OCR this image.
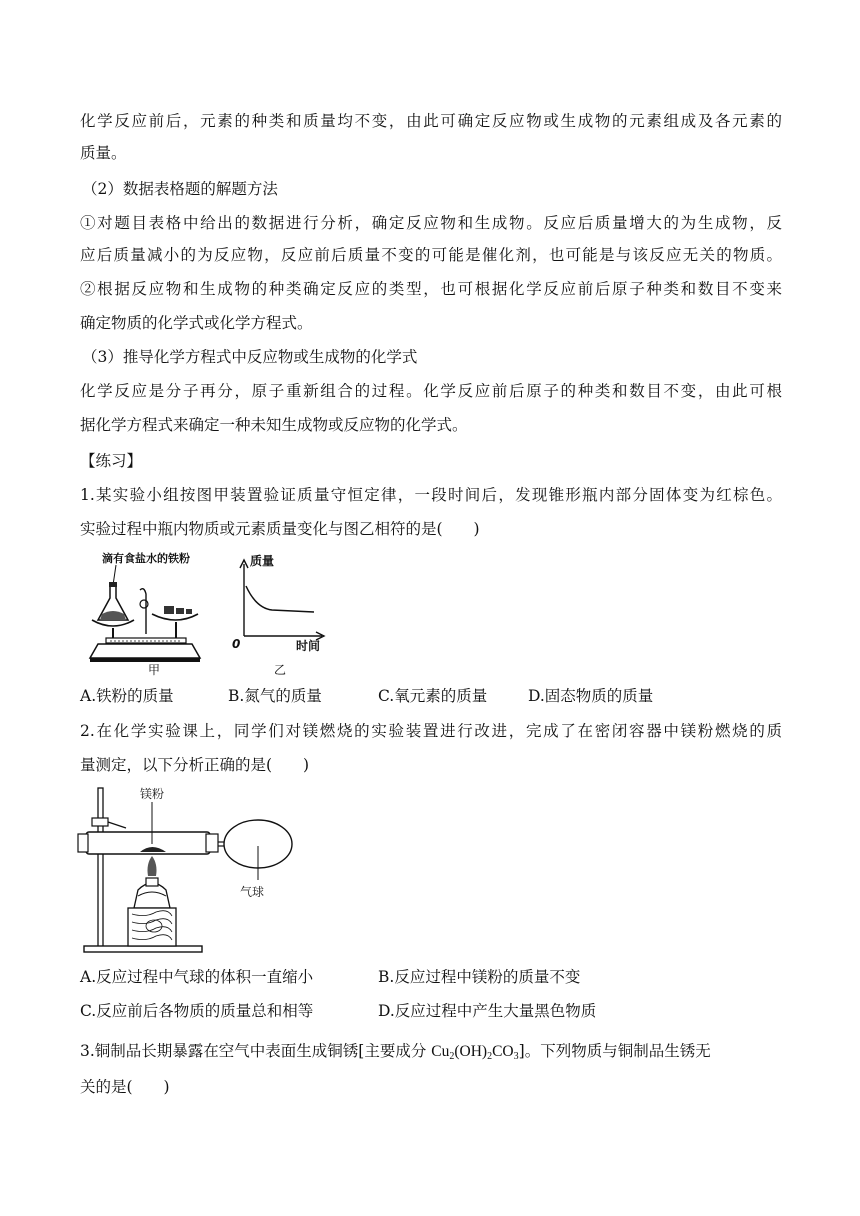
化学反应前后，元素的种类和质量均不变，由此可确定反应物或生成物的元素组成及各元素的
质量。
（2）数据表格题的解题方法
①对题目表格中给出的数据进行分析，确定反应物和生成物。反应后质量增大的为生成物，反
应后质量减小的为反应物，反应前后质量不变的可能是催化剂，也可能是与该反应无关的物质。
②根据反应物和生成物的种类确定反应的类型，也可根据化学反应前后原子种类和数目不变来
确定物质的化学式或化学方程式。
（3）推导化学方程式中反应物或生成物的化学式
化学反应是分子再分，原子重新组合的过程。化学反应前后原子的种类和数目不变，由此可根
据化学方程式来确定一种未知生成物或反应物的化学式。
【练习】
1.某实验小组按图甲装置验证质量守恒定律，一段时间后，发现锥形瓶内部分固体变为红棕色。
实验过程中瓶内物质或元素质量变化与图乙相符的是(　　)
滴有食盐水的铁粉
甲
质量
0	时间
乙
A.铁粉的质量	B.氮气的质量	C.氧元素的质量	D.固态物质的质量
2.在化学实验课上，同学们对镁燃烧的实验装置进行改进，完成了在密闭容器中镁粉燃烧的质
量测定，以下分析正确的是(　　)
镁粉
气球
A.反应过程中气球的体积一直缩小	B.反应过程中镁粉的质量不变
C.反应前后各物质的质量总和相等	D.反应过程中产生大量黑色物质
3.铜制品长期暴露在空气中表面生成铜锈[主要成分 $Cu_2(OH)_2CO_3$]。下列物质与铜制品生锈无
关的是(　　)
